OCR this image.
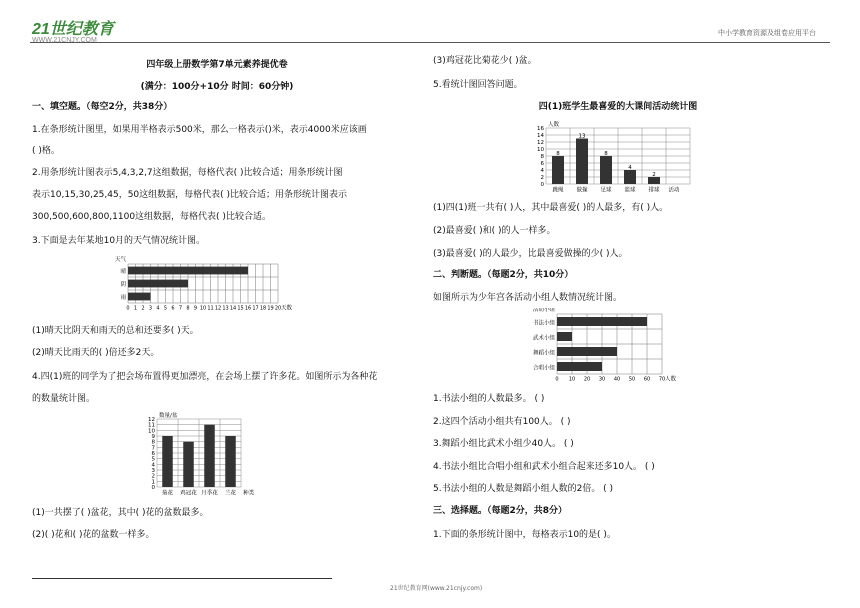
21世纪教育
WWW.21CNJY.COM
中小学教育资源及组卷应用平台
四年级上册数学第7单元素养提优卷
(满分：100分+10分 时间：60分钟)
一、填空题。（每空2分，共38分）
1.在条形统计图里，如果用半格表示500米，那么一格表示()米，表示4000米应该画
( )格。
2.用条形统计图表示5,4,3,2,7这组数据，每格代表( )比较合适；用条形统计图
表示10,15,30,25,45，50这组数据，每格代表( )比较合适；用条形统计图表示
300,500,600,800,1100这组数据，每格代表( )比较合适。
3.下面是去年某地10月的天气情况统计图。
晴
阴
雨
0 1 2 3 4 5 6 7 8 9 10 11 12 13 14 15 16 17 18 19 20
天气
天数
(1)晴天比阴天和雨天的总和还要多( )天。
(2)晴天比雨天的( )倍还多2天。
4.四(1)班的同学为了把会场布置得更加漂亮，在会场上摆了许多花。如图所示为各种花
的数量统计图。
0
1
2
3
4
5
6
7
8
9
10
11
12
菊花 鸡冠花 月季花 兰花
数量/盆
种类
(1)一共摆了( )盆花，其中( )花的盆数最多。
(2)( )花和( )花的盆数一样多。
(3)鸡冠花比菊花少( )盆。
5.看统计图回答问题。
四(1)班学生最喜爱的大课间活动统计图
0
2
4
6
8
10
12
14
16
跳绳
8
做操
13
足球
8
篮球
4
排球
2
人数
活动
(1)四(1)班一共有( )人，其中最喜爱( )的人最多，有( )人。
(2)最喜爱( )和( )的人一样多。
(3)最喜爱( )的人最少，比最喜爱做操的少( )人。
二、判断题。（每题2分，共10分）
如图所示为少年宫各活动小组人数情况统计图。
书法小组
武术小组
舞蹈小组
合唱小组
0 10 20 30 40 50 60 70
活动小组
人数
1.书法小组的人数最多。 ( )
2.这四个活动小组共有100人。 ( )
3.舞蹈小组比武术小组少40人。 ( )
4.书法小组比合唱小组和武术小组合起来还多10人。 ( )
5.书法小组的人数是舞蹈小组人数的2倍。 ( )
三、选择题。（每题2分，共8分）
1.下面的条形统计图中，每格表示10的是( )。
21世纪教育网(www.21cnjy.com)
